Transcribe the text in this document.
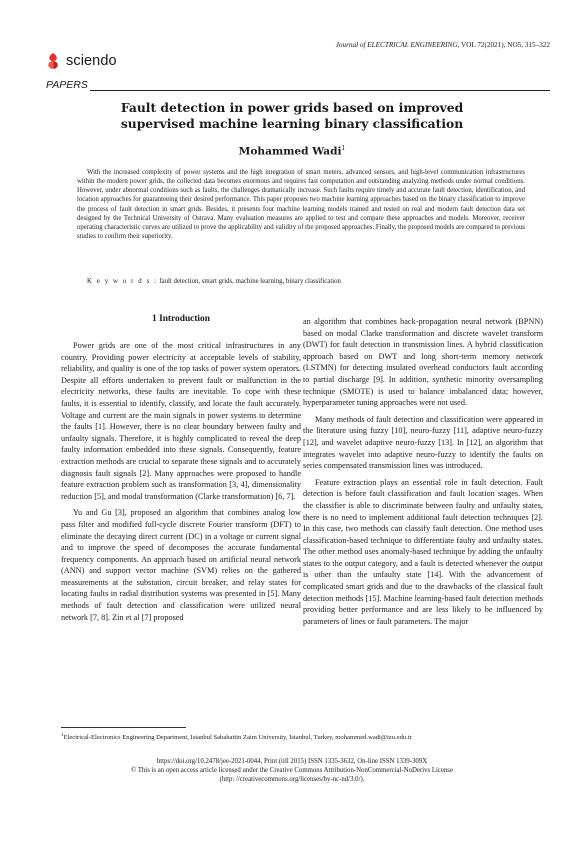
Journal of ELECTRICAL ENGINEERING, VOL 72(2021), NO5, 315–322
sciendo
PAPERS
Fault detection in power grids based on improved
supervised machine learning binary classification
Mohammed Wadi$^1$

With the increased complexity of power systems and the high integration of smart meters, advanced sensors, and high-level communication infrastructures within the modern power grids, the collected data becomes enormous and requires fast computation and outstanding analyzing methods under normal conditions. However, under abnormal conditions such as faults, the challenges dramatically increase. Such faults require timely and accurate fault detection, identification, and location approaches for guaranteeing their desired performance. This paper proposes two machine learning approaches based on the binary classification to improve the process of fault detection in smart grids. Besides, it presents four machine learning models trained and tested on real and modern fault detection data set designed by the Technical University of Ostrava. Many evaluation measures are applied to test and compare these approaches and models. Moreover, receiver operating characteristic curves are utilized to prove the applicability and validity of the proposed approaches. Finally, the proposed models are compared to previous studies to confirm their superiority.

K e y w o r d s : fault detection, smart grids, machine learning, binary classification
1 Introduction

Power grids are one of the most critical infrastructures in any country. Providing power electricity at acceptable levels of stability, reliability, and quality is one of the top tasks of power system operators. Despite all efforts undertaken to prevent fault or malfunction in the electricity networks, these faults are inevitable. To cope with these faults, it is essential to identify, classify, and locate the fault accurately. Voltage and current are the main signals in power systems to determine the faults [1]. However, there is no clear boundary between faulty and unfaulty signals. Therefore, it is highly complicated to reveal the deep faulty information embedded into these signals. Consequently, feature extraction methods are crucial to separate these signals and to accurately diagnosis fault signals [2]. Many approaches were proposed to handle feature extraction problem such as transformation [3, 4], dimensionality reduction [5], and modal transformation (Clarke transformation) [6, 7].

Yu and Gu [3], proposed an algorithm that combines analog low pass filter and modified full-cycle discrete Fourier transform (DFT) to eliminate the decaying direct current (DC) in a voltage or current signal and to improve the speed of decomposes the accurate fundamental frequency components. An approach based on artificial neural network (ANN) and support vector machine (SVM) relies on the gathered measurements at the substation, circuit breaker, and relay states for locating faults in radial distribution systems was presented in [5]. Many methods of fault detection and classification were utilized neural network [7, 8]. Zin et al [7] proposed

an algorithm that combines back-propagation neural network (BPNN) based on modal Clarke transformation and discrete wavelet transform (DWT) for fault detection in transmission lines. A hybrid classification approach based on DWT and long short-term memory network (LSTMN) for detecting insulated overhead conductors fault according to partial discharge [9]. In addition, synthetic minority oversampling technique (SMOTE) is used to balance imbalanced data; however, hyperparameter tuning approaches were not used.

Many methods of fault detection and classification were appeared in the literature using fuzzy [10], neuro-fuzzy [11], adaptive neuro-fuzzy [12], and wavelet adaptive neuro-fuzzy [13]. In [12], an algorithm that integrates wavelet into adaptive neuro-fuzzy to identify the faults on series compensated transmission lines was introduced.

Feature extraction plays an essential role in fault detection. Fault detection is before fault classification and fault location stages. When the classifier is able to discriminate between faulty and unfaulty states, there is no need to implement additional fault detection techniques [2]. In this case, two methods can classify fault detection. One method uses classification-based technique to differentiate faulty and unfaulty states. The other method uses anomaly-based technique by adding the unfaulty states to the output category, and a fault is detected whenever the output is other than the unfaulty state [14]. With the advancement of complicated smart grids and due to the drawbacks of the classical fault detection methods [15]. Machine learning-based fault detection methods providing better performance and are less likely to be influenced by parameters of lines or fault parameters. The major

$^1$Electrical-Electronics Engineering Department, Istanbul Sabahattin Zaim University, Istanbul, Turkey, mohammed.wadi@izu.edu.tr
https://doi.org/10.2478/jee-2021-0044, Print (till 2015) ISSN 1335-3632, On-line ISSN 1339-309X
© This is an open access article licensed under the Creative Commons Attribution-NonCommercial-NoDerivs License
(http: //creativecommons.org/licenses/by-nc-nd/3.0/).
